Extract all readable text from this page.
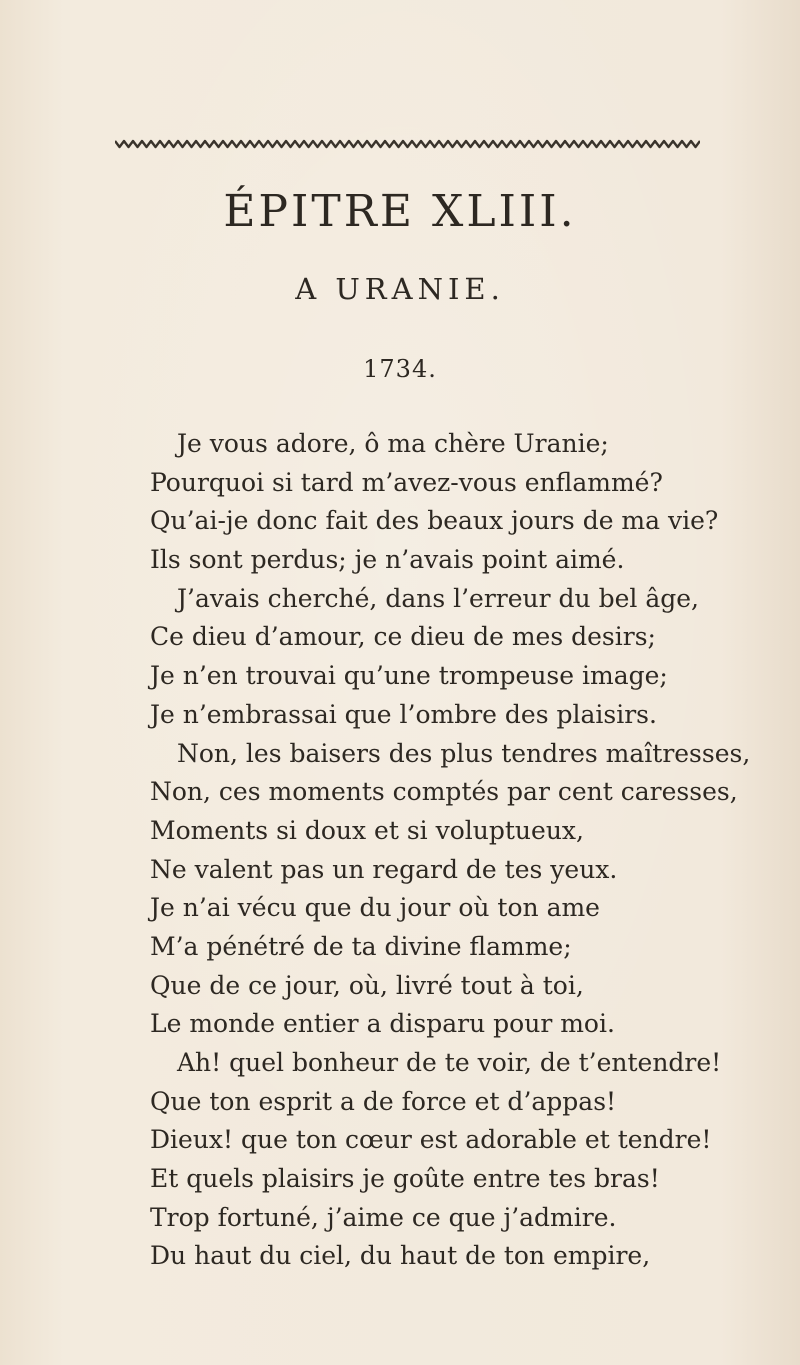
ÉPITRE XLIII.
A URANIE.
1734.
Je vous adore, ô ma chère Uranie;
Pourquoi si tard m’avez-vous enflammé?
Qu’ai-je donc fait des beaux jours de ma vie?
Ils sont perdus; je n’avais point aimé.
J’avais cherché, dans l’erreur du bel âge,
Ce dieu d’amour, ce dieu de mes desirs;
Je n’en trouvai qu’une trompeuse image;
Je n’embrassai que l’ombre des plaisirs.
Non, les baisers des plus tendres maîtresses,
Non, ces moments comptés par cent caresses,
Moments si doux et si voluptueux,
Ne valent pas un regard de tes yeux.
Je n’ai vécu que du jour où ton ame
M’a pénétré de ta divine flamme;
Que de ce jour, où, livré tout à toi,
Le monde entier a disparu pour moi.
Ah! quel bonheur de te voir, de t’entendre!
Que ton esprit a de force et d’appas!
Dieux! que ton cœur est adorable et tendre!
Et quels plaisirs je goûte entre tes bras!
Trop fortuné, j’aime ce que j’admire.
Du haut du ciel, du haut de ton empire,
